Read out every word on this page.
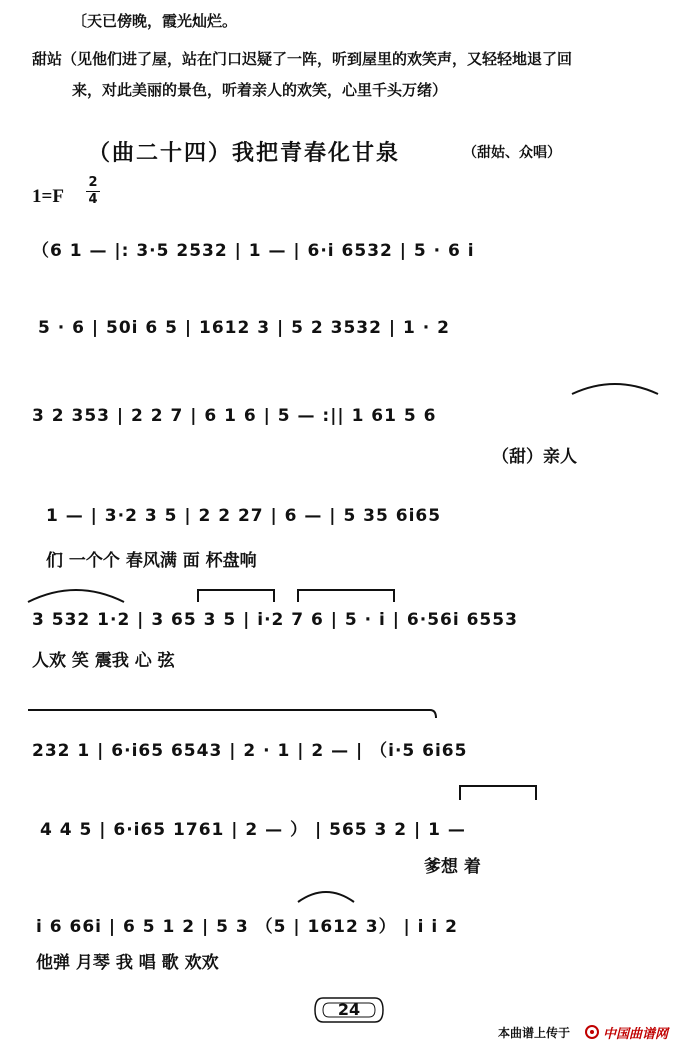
〔天已傍晚，霞光灿烂。
甜站（见他们进了屋，站在门口迟疑了一阵，听到屋里的欢笑声，又轻轻地退了回
来，对此美丽的景色，听着亲人的欢笑，心里千头万绪）
（曲二十四）我把青春化甘泉	（甜姑、众唱）
1=F
2
4
（6 1 — |: 3·5 2532 | 1 — | 6·i 6532 | 5 · 6 i
5 · 6 | 50i 6 5 | 1612 3 | 5 2 3532 | 1 · 2
3 2 353 | 2 2 7 | 6 1 6 | 5 — :|| 1 61 5 6
（甜）亲人
1 — | 3·2 3 5 | 2 2 27 | 6 — | 5 35 6i65
们 一个个 春风满 面 杯盘响
3 532 1·2 | 3 65 3 5 | i·2 7 6 | 5 · i | 6·56i 6553
人欢 笑 震我 心 弦
232 1 | 6·i65 6543 | 2 · 1 | 2 — | （i·5 6i65
4 4 5 | 6·i65 1761 | 2 — ） | 565 3 2 | 1 —
爹想 着
i 6 66i | 6 5 1 2 | 5 3 （5 | 1612 3） | i i 2
他弹 月琴 我 唱 歌 欢欢
24
本曲谱上传于	中国曲谱网
